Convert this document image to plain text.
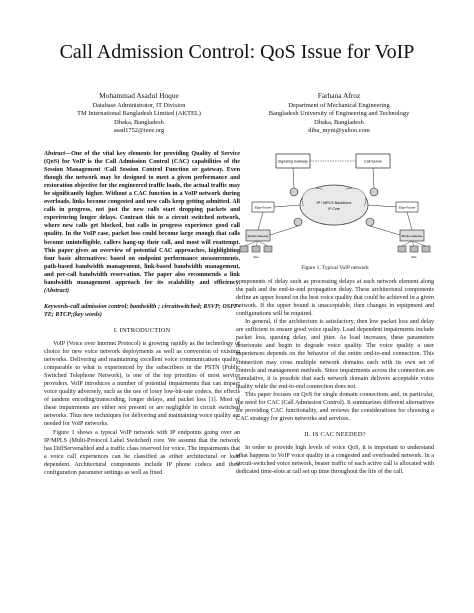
Call Admission Control: QoS Issue for VoIP
Mohammad Asadul Hoque
Database Administrator, IT Division
TM International Bangladesh Limited (AKTEL)
Dhaka, Bangladesh
asad1752@ieee.org
Farhana Afroz
Department of Mechanical Engineering
Bangladesh University of Engineering and Technology
Dhaka, Bangladesh
diba_mym@yahoo.com
Abstract—One of the vital key elements for providing Quality of Service (QoS) for VoIP is the Call Admission Control (CAC) capabilities of the Session Management /Call Session Control Function or gateway. Even though the network may be designed to meet a given performance and restoration objective for the engineered traffic loads, the actual traffic may be significantly higher. Without a CAC function in a VoIP network during overloads, links become congested and new calls keep getting admitted. All calls in progress, not just the new calls start dropping packets and experiencing longer delays. Contrast this to a circuit switched network, where new calls get blocked, but calls in progress experience good call quality. In the VoIP case, packet loss could become large enough that calls become unintelligible, callers hang-up their call, and most will reattempt. This paper gives an overview of potential CAC approaches, highlighting four basic alternatives: based on endpoint performance measurements, path-based bandwidth management, link-based bandwidth management, and per-call bandwidth reservation. The paper also recommends a link bandwidth management approach for its scalability and efficiency. (Abstract)
Keywords-call admission control; bandwidth ; circuitswitched; RSVP; OSPF-TE; RTCP;(key words)
I. INTRODUCTION

VoIP (Voice over Internet Protocol) is growing rapidly as the technology of choice for new voice network deployments as well as conversion of existing networks. Delivering and maintaining excellent voice communications quality, comparable to what is experienced by the subscribers in the PSTN (Public Switched Telephone Network), is one of the top priorities of most service providers. VoIP introduces a number of potential impairments that can impact voice quality adversely, such as the use of lossy low-bit-rate codecs, the effects of tandem encoding/transcoding, longer delays, and packet loss [1]. Most of these impairments are either not present or are negligible in circuit switched networks. Thus new techniques for delivering and maintaining voice quality are needed for VoIP networks.

Figure 1 shows a typical VoIP network with IP endpoints going over an IP/MPLS (Multi-Protocol Label Switched) core. We assume that the network has DiffServenabled and a traffic class reserved for voice. The impairments that a voice call experiences can be classified as either architectural or load dependent. Architectural components include IP phone codecs and their configuration parameter settings as well as fixed

Signaling Gateway	Call Server
IP / MPLS Backbone
IP Core
Edge Router	Edge Router
Media Gateway	Media Gateway
Site	Site
Figure 1. Typical VoIP network

components of delay such as processing delays at each network element along the path and the end-to-end propagation delay. These architectural components define an upper bound on the best voice quality that could be achieved in a given network. If the upper bound is unacceptable, then changes in equipment and configurations will be required.

In general, if the architecture is satisfactory, then low packet loss and delay are sufficient to ensure good voice quality. Load dependent impairments include packet loss, queuing delay, and jitter. As load increases, these parameters deteriorate and begin to degrade voice quality. The voice quality a user experiences depends on the behavior of the entire end-to-end connection. This connection may cross multiple network domains each with its own set of controls and management methods. Since impairments across the connection are cumulative, it is possible that each network domain delivers acceptable voice quality while the end-to-end connection does not.

This paper focuses on QoS for single domain connections and, in particular, the need for CAC (Call Admission Control). It summarizes different alternatives for providing CAC functionality, and reviews the considerations for choosing a CAC strategy for given networks and services.

II. IS CAC NEEDED?

In order to provide high levels of voice QoS, it is important to understand what happens to VoIP voice quality in a congested and overloaded network. In a circuit-switched voice network, bearer traffic of each active call is allocated with dedicated time-slots at call set up time throughout the life of the call.
